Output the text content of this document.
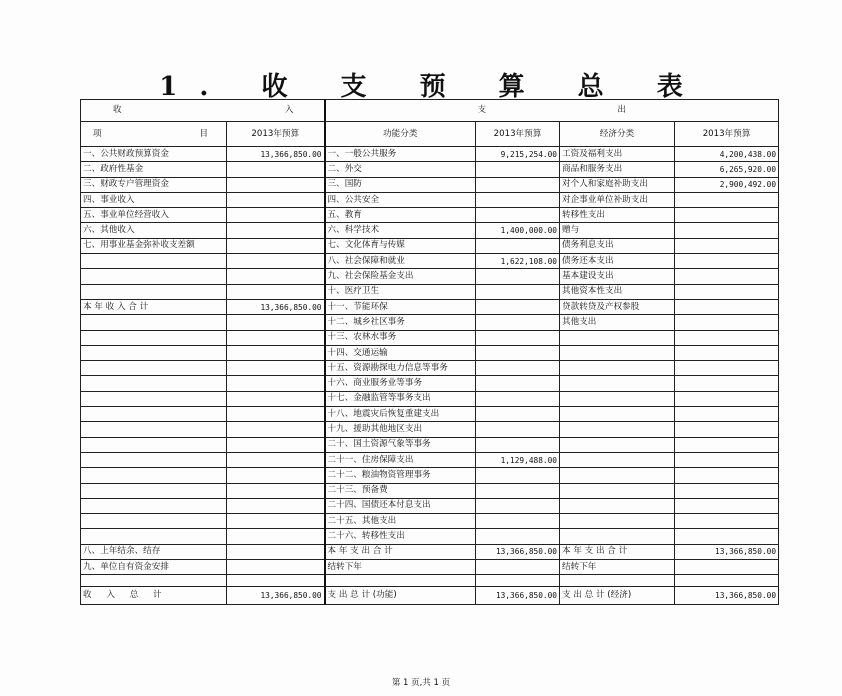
1. 收 支 预 算 总 表
收 入		支 出			

项 目	2013年预算	功能分类	2013年预算	经济分类	2013年预算
一、公共财政预算资金	13,366,850.00	一、一般公共服务	9,215,254.00	工资及福利支出	4,200,438.00
二、政府性基金		二、外交		商品和服务支出	6,265,920.00
三、财政专户管理资金		三、国防		对个人和家庭补助支出	2,900,492.00
四、事业收入		四、公共安全		对企事业单位补助支出	
五、事业单位经营收入		五、教育		转移性支出	
六、其他收入		六、科学技术	1,400,000.00	赠与	
七、用事业基金弥补收支差额		七、文化体育与传媒		债务利息支出	
		八、社会保障和就业	1,622,108.00	债务还本支出	
		九、社会保险基金支出		基本建设支出	
		十、医疗卫生		其他资本性支出	
本 年 收 入 合 计	13,366,850.00	十一、节能环保		贷款转贷及产权参股	
		十二、城乡社区事务		其他支出	
		十三、农林水事务			
		十四、交通运输			
		十五、资源勘探电力信息等事务			
		十六、商业服务业等事务			
		十七、金融监管等事务支出			
		十八、地震灾后恢复重建支出			
		十九、援助其他地区支出			
		二十、国土资源气象等事务			
		二十一、住房保障支出	1,129,488.00		
		二十二、粮油物资管理事务			
		二十三、预备费			
		二十四、国债还本付息支出			
		二十五、其他支出			
		二十六、转移性支出			
八、上年结余、结存		本 年 支 出 合 计	13,366,850.00	本 年 支 出 合 计	13,366,850.00
九、单位自有资金安排		结转下年		结转下年	

收 入 总 计	13,366,850.00	支 出 总 计 (功能)	13,366,850.00	支 出 总 计 (经济)	13,366,850.00
第 1 页,共 1 页
